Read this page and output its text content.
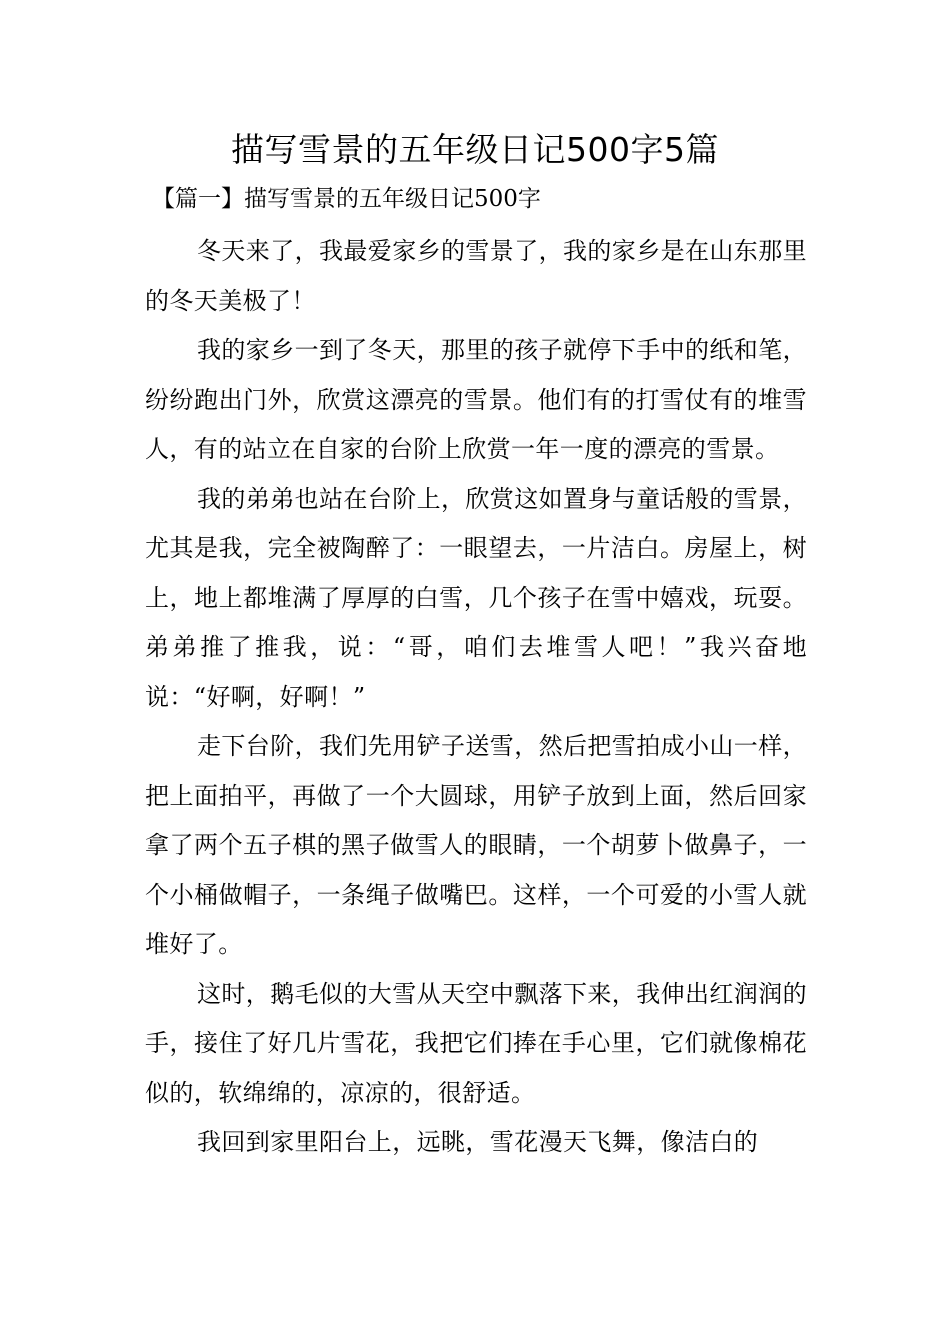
描写雪景的五年级日记500字5篇
【篇一】描写雪景的五年级日记500字

冬天来了，我最爱家乡的雪景了，我的家乡是在山东那里的冬天美极了！

我的家乡一到了冬天，那里的孩子就停下手中的纸和笔，纷纷跑出门外，欣赏这漂亮的雪景。他们有的打雪仗有的堆雪人，有的站立在自家的台阶上欣赏一年一度的漂亮的雪景。

我的弟弟也站在台阶上，欣赏这如置身与童话般的雪景，尤其是我，完全被陶醉了：一眼望去，一片洁白。房屋上，树上，地上都堆满了厚厚的白雪，几个孩子在雪中嬉戏，玩耍。弟弟推了推我，说：“哥，咱们去堆雪人吧！”我兴奋地说：“好啊，好啊！”

走下台阶，我们先用铲子送雪，然后把雪拍成小山一样，把上面拍平，再做了一个大圆球，用铲子放到上面，然后回家拿了两个五子棋的黑子做雪人的眼睛，一个胡萝卜做鼻子，一个小桶做帽子，一条绳子做嘴巴。这样，一个可爱的小雪人就堆好了。

这时，鹅毛似的大雪从天空中飘落下来，我伸出红润润的手，接住了好几片雪花，我把它们捧在手心里，它们就像棉花似的，软绵绵的，凉凉的，很舒适。

我回到家里阳台上，远眺，雪花漫天飞舞，像洁白的
